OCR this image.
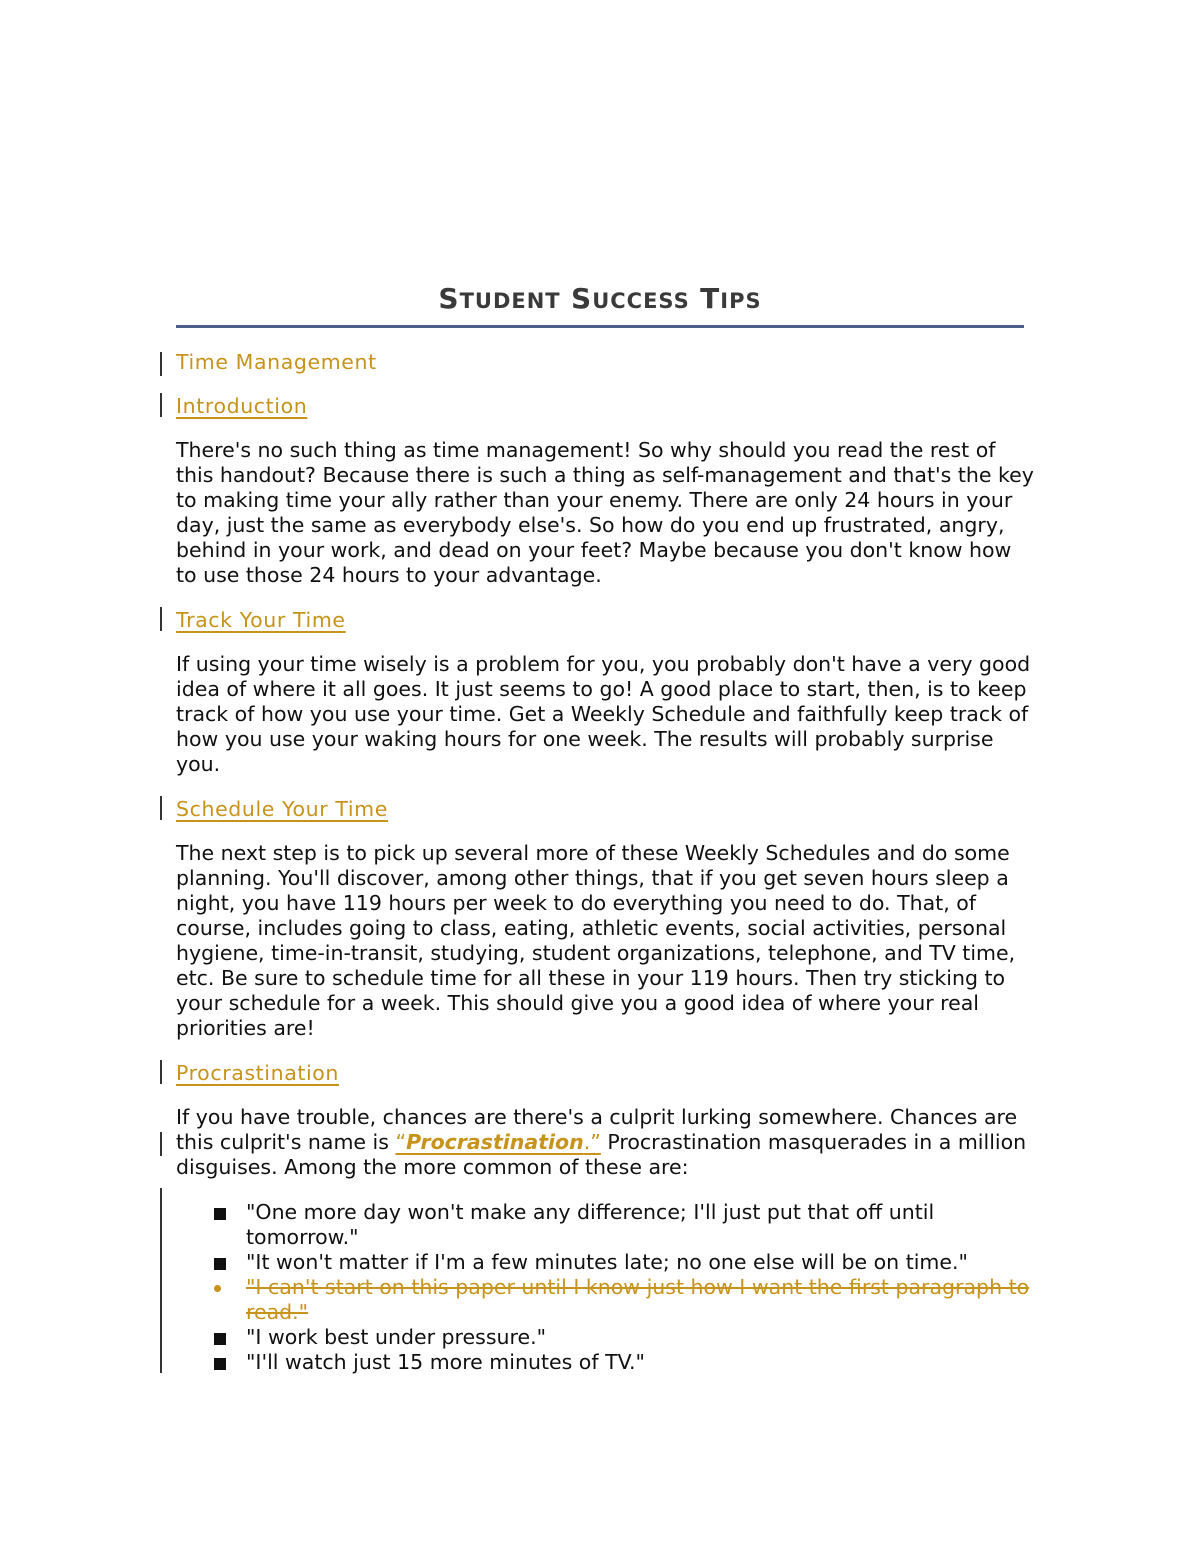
STUDENT SUCCESS TIPS
Time Management
Introduction

There's no such thing as time management! So why should you read the rest of this handout? Because there is such a thing as self-management and that's the key to making time your ally rather than your enemy. There are only 24 hours in your day, just the same as everybody else's. So how do you end up frustrated, angry, behind in your work, and dead on your feet? Maybe because you don't know how to use those 24 hours to your advantage.

Track Your Time

If using your time wisely is a problem for you, you probably don't have a very good idea of where it all goes. It just seems to go! A good place to start, then, is to keep track of how you use your time. Get a Weekly Schedule and faithfully keep track of how you use your waking hours for one week. The results will probably surprise you.

Schedule Your Time

The next step is to pick up several more of these Weekly Schedules and do some planning. You'll discover, among other things, that if you get seven hours sleep a night, you have 119 hours per week to do everything you need to do. That, of course, includes going to class, eating, athletic events, social activities, personal hygiene, time-in-transit, studying, student organizations, telephone, and TV time, etc. Be sure to schedule time for all these in your 119 hours. Then try sticking to your schedule for a week. This should give you a good idea of where your real priorities are!

Procrastination

If you have trouble, chances are there's a culprit lurking somewhere. Chances are this culprit's name is “Procrastination.” Procrastination masquerades in a million disguises. Among the more common of these are:

"One more day won't make any difference; I'll just put that off until tomorrow."
"It won't matter if I'm a few minutes late; no one else will be on time."
"I can't start on this paper until I know just how I want the first paragraph to read."
"I work best under pressure."
"I'll watch just 15 more minutes of TV."
